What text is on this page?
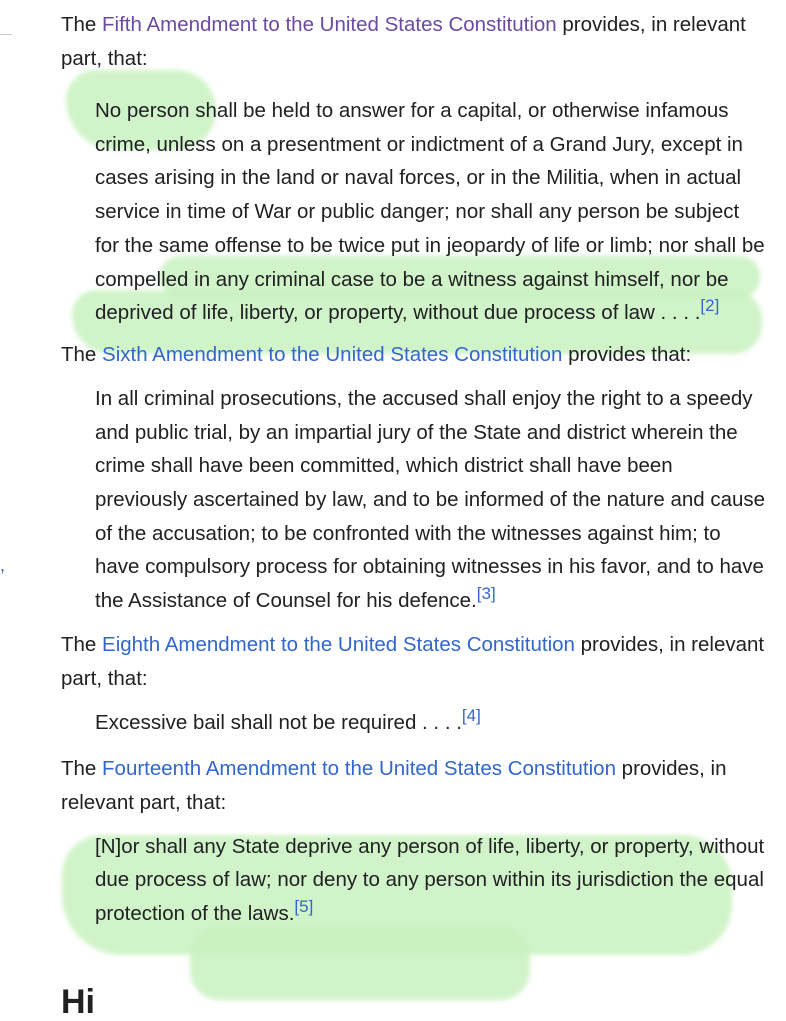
,

The Fifth Amendment to the United States Constitution provides, in relevant part, that:

No person shall be held to answer for a capital, or otherwise infamous crime, unless on a presentment or indictment of a Grand Jury, except in cases arising in the land or naval forces, or in the Militia, when in actual service in time of War or public danger; nor shall any person be subject for the same offense to be twice put in jeopardy of life or limb; nor shall be compelled in any criminal case to be a witness against himself, nor be deprived of life, liberty, or property, without due process of law . . . .[2]

The Sixth Amendment to the United States Constitution provides that:

In all criminal prosecutions, the accused shall enjoy the right to a speedy and public trial, by an impartial jury of the State and district wherein the crime shall have been committed, which district shall have been previously ascertained by law, and to be informed of the nature and cause of the accusation; to be confronted with the witnesses against him; to have compulsory process for obtaining witnesses in his favor, and to have the Assistance of Counsel for his defence.[3]

The Eighth Amendment to the United States Constitution provides, in relevant part, that:

Excessive bail shall not be required . . . .[4]

The Fourteenth Amendment to the United States Constitution provides, in relevant part, that:

[N]or shall any State deprive any person of life, liberty, or property, without due process of law; nor deny to any person within its jurisdiction the equal protection of the laws.[5]
Hi
